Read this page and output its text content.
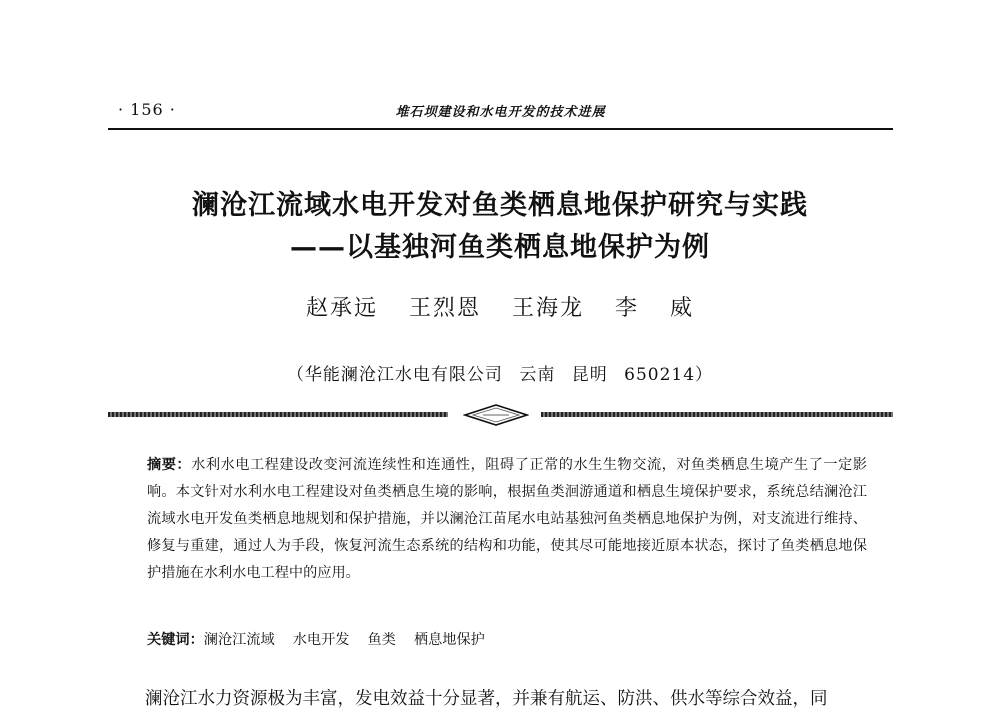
· 156 ·	堆石坝建设和水电开发的技术进展
澜沧江流域水电开发对鱼类栖息地保护研究与实践
——以基独河鱼类栖息地保护为例
赵承远 王烈恩 王海龙 李 威
（华能澜沧江水电有限公司 云南 昆明 650214）

摘要：水利水电工程建设改变河流连续性和连通性，阻碍了正常的水生生物交流，对鱼类栖息生境产生了一定影响。本文针对水利水电工程建设对鱼类栖息生境的影响，根据鱼类洄游通道和栖息生境保护要求，系统总结澜沧江流域水电开发鱼类栖息地规划和保护措施，并以澜沧江苗尾水电站基独河鱼类栖息地保护为例，对支流进行维持、修复与重建，通过人为手段，恢复河流生态系统的结构和功能，使其尽可能地接近原本状态，探讨了鱼类栖息地保护措施在水利水电工程中的应用。

关键词：澜沧江流域 水电开发 鱼类 栖息地保护

澜沧江水力资源极为丰富，发电效益十分显著，并兼有航运、防洪、供水等综合效益，同
